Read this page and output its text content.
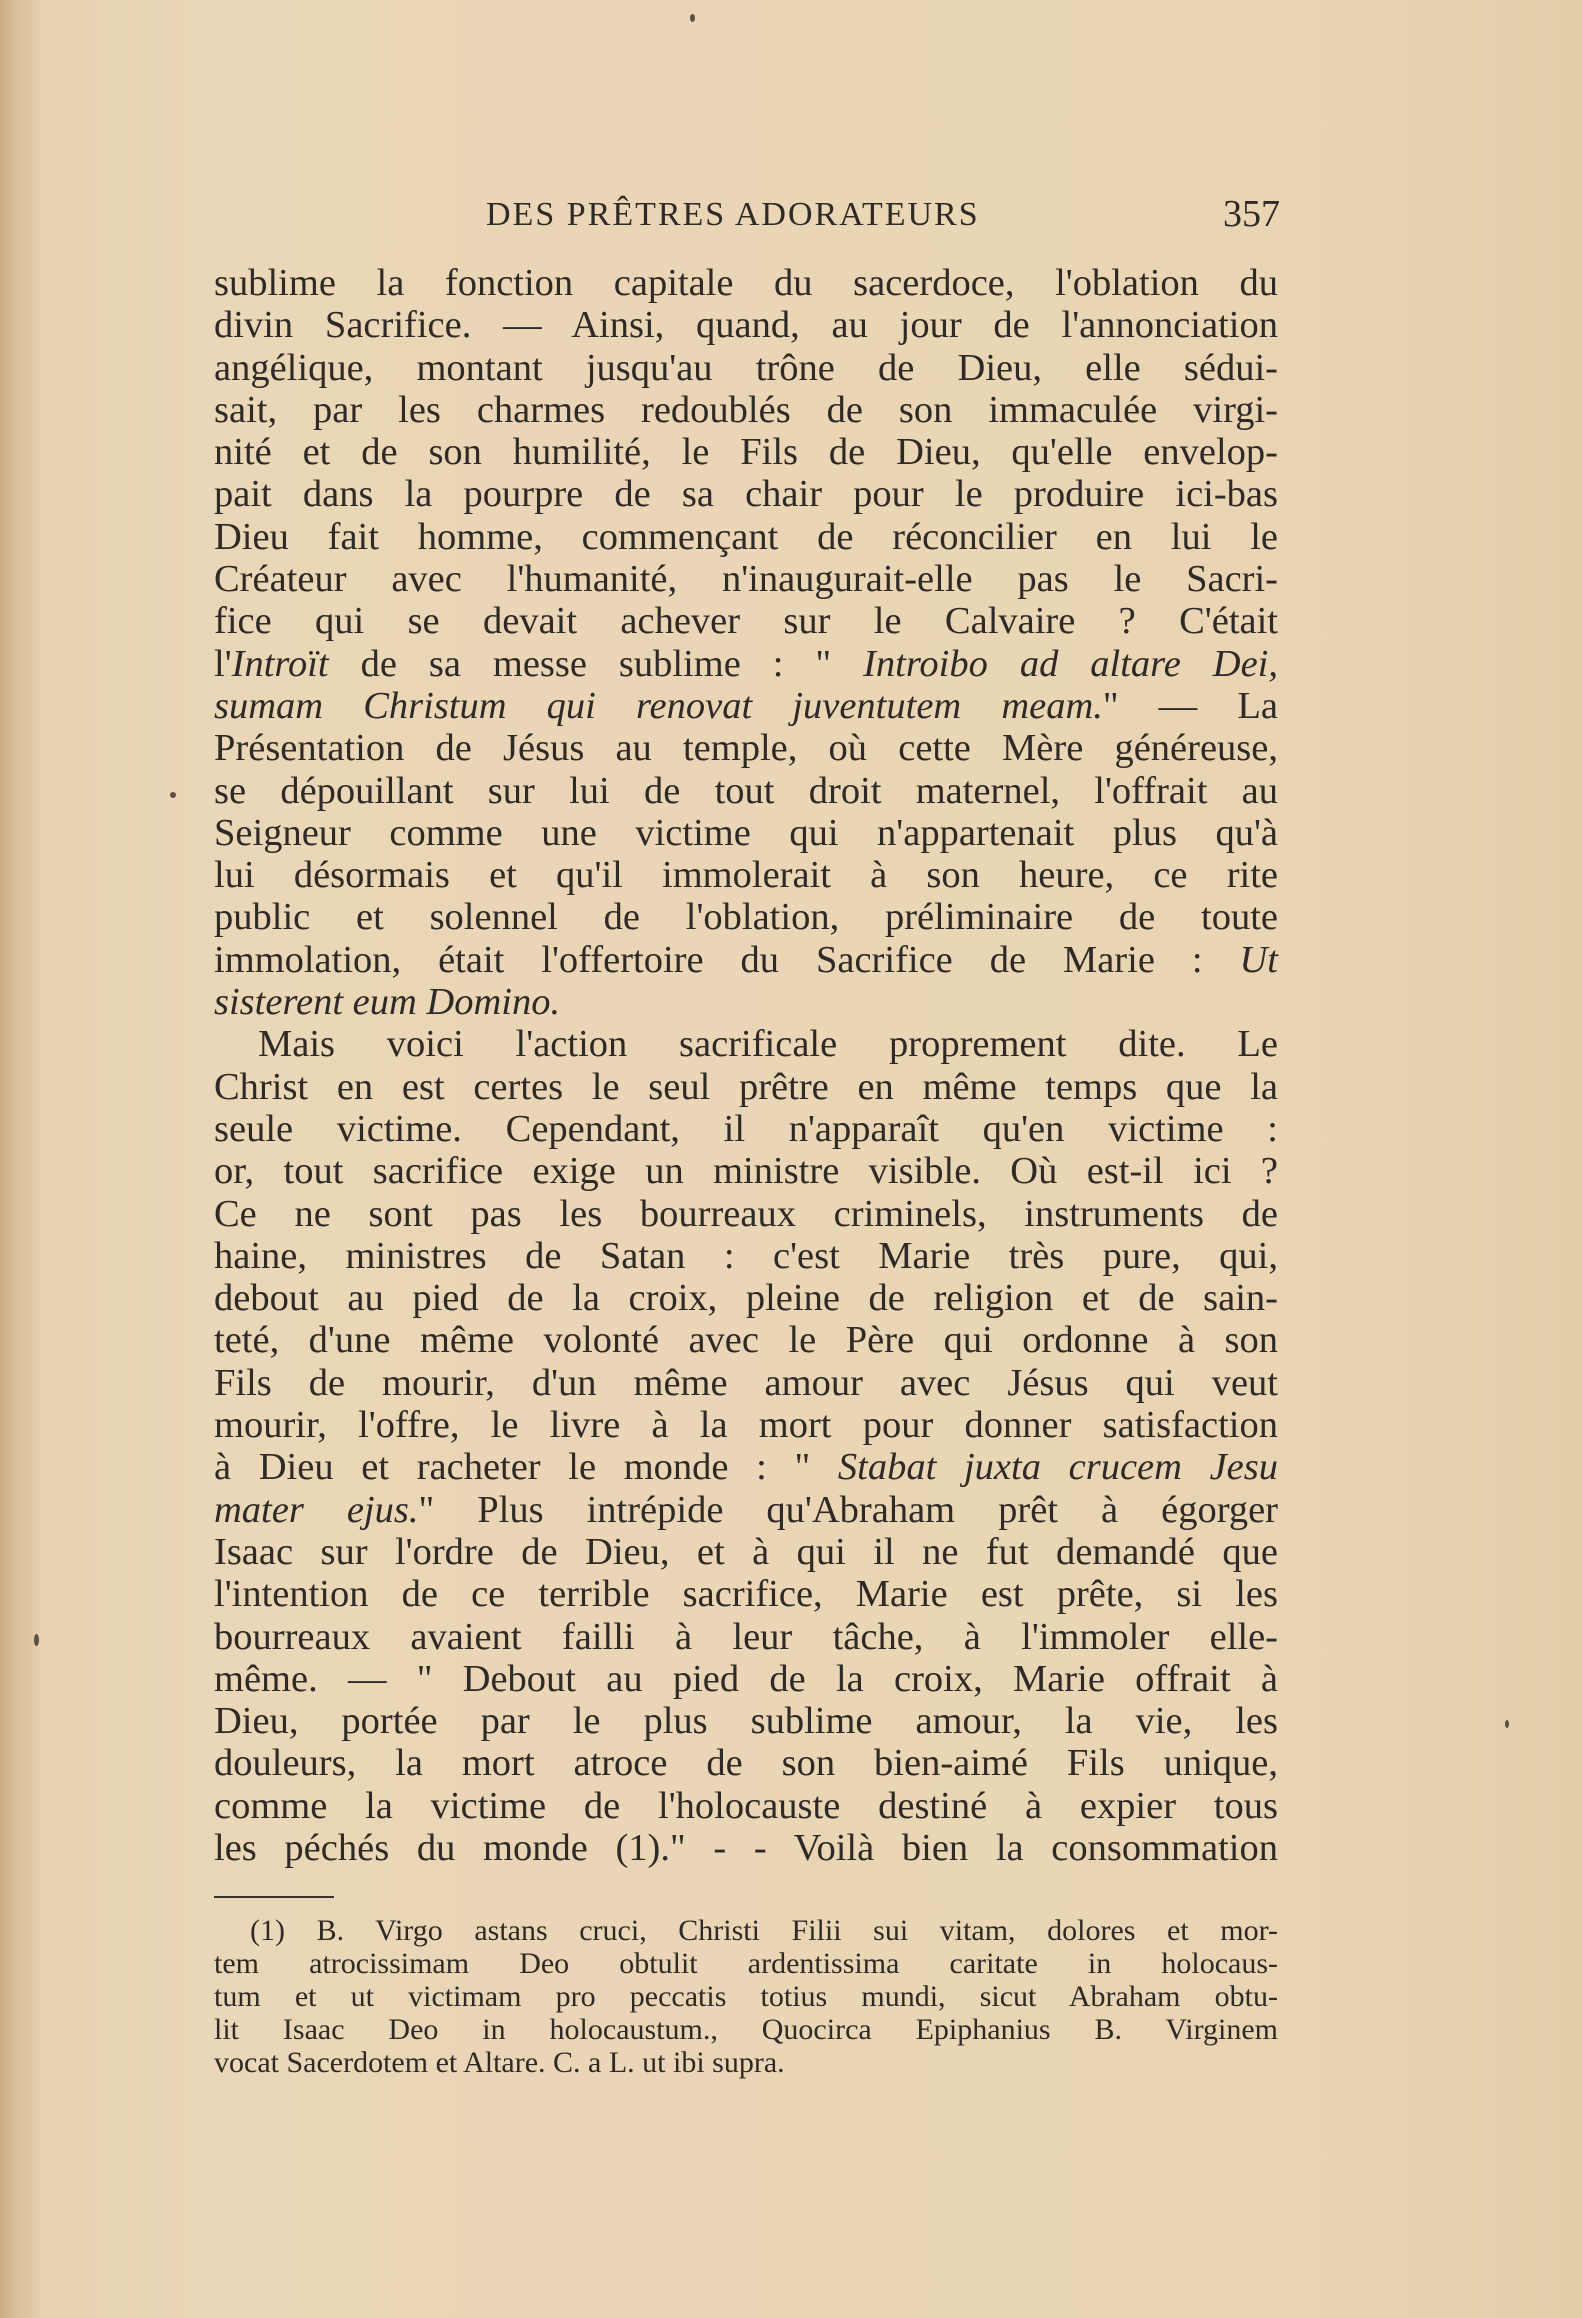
DES PRÊTRES ADORATEURS	357
sublime la fonction capitale du sacerdoce, l'oblation du
divin Sacrifice. — Ainsi, quand, au jour de l'annonciation
angélique, montant jusqu'au trône de Dieu, elle sédui-
sait, par les charmes redoublés de son immaculée virgi-
nité et de son humilité, le Fils de Dieu, qu'elle envelop-
pait dans la pourpre de sa chair pour le produire ici-bas
Dieu fait homme, commençant de réconcilier en lui le
Créateur avec l'humanité, n'inaugurait-elle pas le Sacri-
fice qui se devait achever sur le Calvaire ? C'était
l'Introït de sa messe sublime : " Introibo ad altare Dei,
sumam Christum qui renovat juventutem meam." — La
Présentation de Jésus au temple, où cette Mère généreuse,
se dépouillant sur lui de tout droit maternel, l'offrait au
Seigneur comme une victime qui n'appartenait plus qu'à
lui désormais et qu'il immolerait à son heure, ce rite
public et solennel de l'oblation, préliminaire de toute
immolation, était l'offertoire du Sacrifice de Marie : Ut
sisterent eum Domino.
Mais voici l'action sacrificale proprement dite. Le
Christ en est certes le seul prêtre en même temps que la
seule victime. Cependant, il n'apparaît qu'en victime :
or, tout sacrifice exige un ministre visible. Où est-il ici ?
Ce ne sont pas les bourreaux criminels, instruments de
haine, ministres de Satan : c'est Marie très pure, qui,
debout au pied de la croix, pleine de religion et de sain-
teté, d'une même volonté avec le Père qui ordonne à son
Fils de mourir, d'un même amour avec Jésus qui veut
mourir, l'offre, le livre à la mort pour donner satisfaction
à Dieu et racheter le monde : " Stabat juxta crucem Jesu
mater ejus." Plus intrépide qu'Abraham prêt à égorger
Isaac sur l'ordre de Dieu, et à qui il ne fut demandé que
l'intention de ce terrible sacrifice, Marie est prête, si les
bourreaux avaient failli à leur tâche, à l'immoler elle-
même. — " Debout au pied de la croix, Marie offrait à
Dieu, portée par le plus sublime amour, la vie, les
douleurs, la mort atroce de son bien-aimé Fils unique,
comme la victime de l'holocauste destiné à expier tous
les péchés du monde (1)." - - Voilà bien la consommation
(1) B. Virgo astans cruci, Christi Filii sui vitam, dolores et mor-
tem atrocissimam Deo obtulit ardentissima caritate in holocaus-
tum et ut victimam pro peccatis totius mundi, sicut Abraham obtu-
lit Isaac Deo in holocaustum., Quocirca Epiphanius B. Virginem
vocat Sacerdotem et Altare. C. a L. ut ibi supra.
